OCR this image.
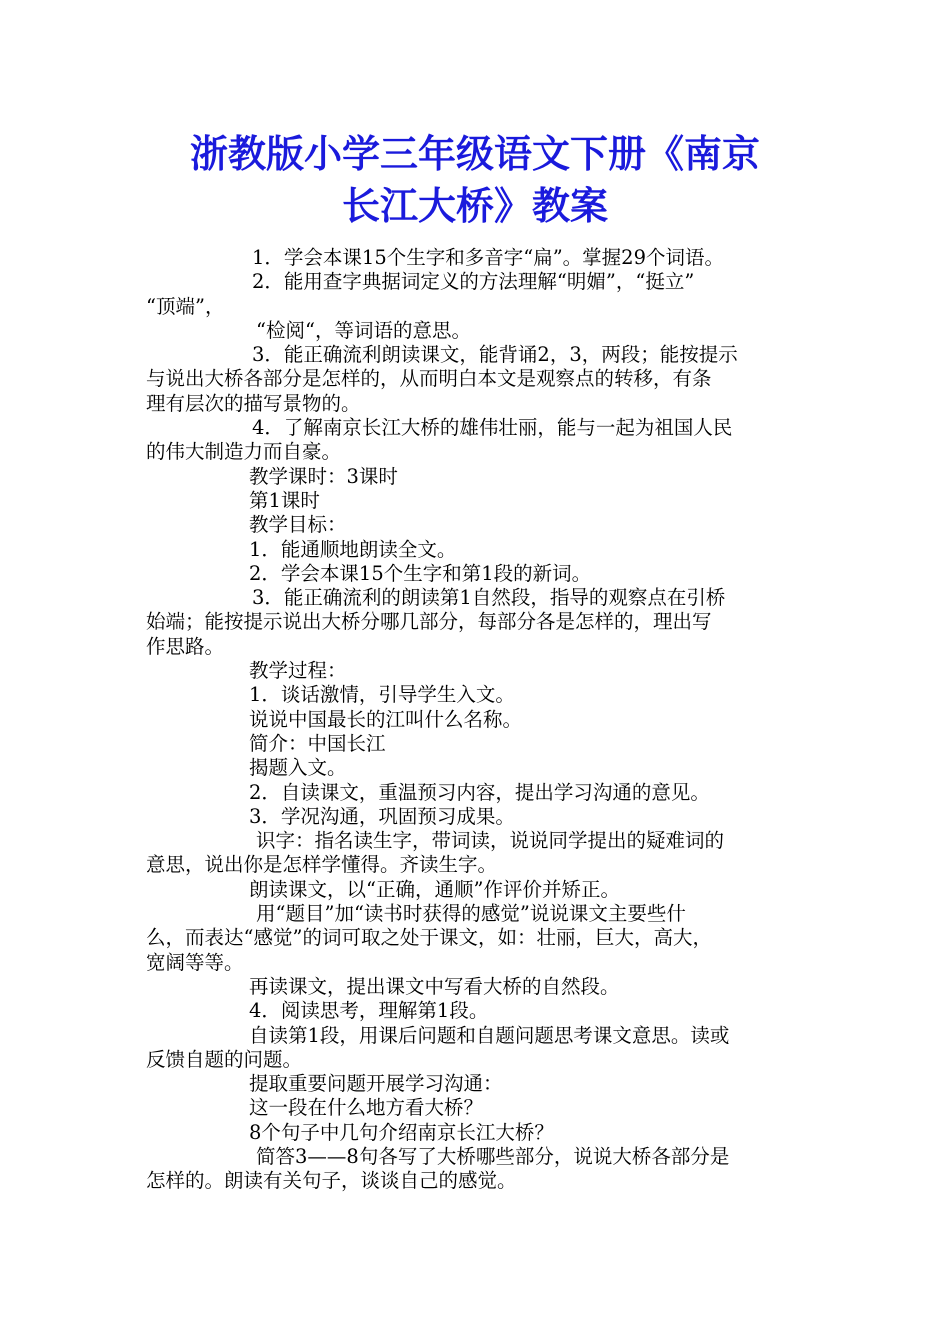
浙教版小学三年级语文下册《南京
长江大桥》教案

1．学会本课15个生字和多音字“扁”。掌握29个词语。

2．能用查字典据词定义的方法理解“明媚”，“挺立”

“顶端”，

“检阅“，等词语的意思。

3．能正确流利朗读课文，能背诵2，3，两段；能按提示

与说出大桥各部分是怎样的，从而明白本文是观察点的转移，有条

理有层次的描写景物的。

4．了解南京长江大桥的雄伟壮丽，能与一起为祖国人民

的伟大制造力而自豪。

教学课时：3课时

第1课时

教学目标：

1．能通顺地朗读全文。

2．学会本课15个生字和第1段的新词。

3．能正确流利的朗读第1自然段，指导的观察点在引桥

始端；能按提示说出大桥分哪几部分，每部分各是怎样的，理出写

作思路。

教学过程：

1．谈话激情，引导学生入文。

说说中国最长的江叫什么名称。

简介：中国长江

揭题入文。

2．自读课文，重温预习内容，提出学习沟通的意见。

3．学况沟通，巩固预习成果。

识字：指名读生字，带词读，说说同学提出的疑难词的

意思，说出你是怎样学懂得。齐读生字。

朗读课文，以“正确，通顺”作评价并矫正。

用“题目”加“读书时获得的感觉”说说课文主要些什

么，而表达“感觉”的词可取之处于课文，如：壮丽，巨大，高大，

宽阔等等。

再读课文，提出课文中写看大桥的自然段。

4．阅读思考，理解第1段。

自读第1段，用课后问题和自题问题思考课文意思。读或

反馈自题的问题。

提取重要问题开展学习沟通：

这一段在什么地方看大桥？

8个句子中几句介绍南京长江大桥？

简答3——8句各写了大桥哪些部分，说说大桥各部分是

怎样的。朗读有关句子，谈谈自己的感觉。
